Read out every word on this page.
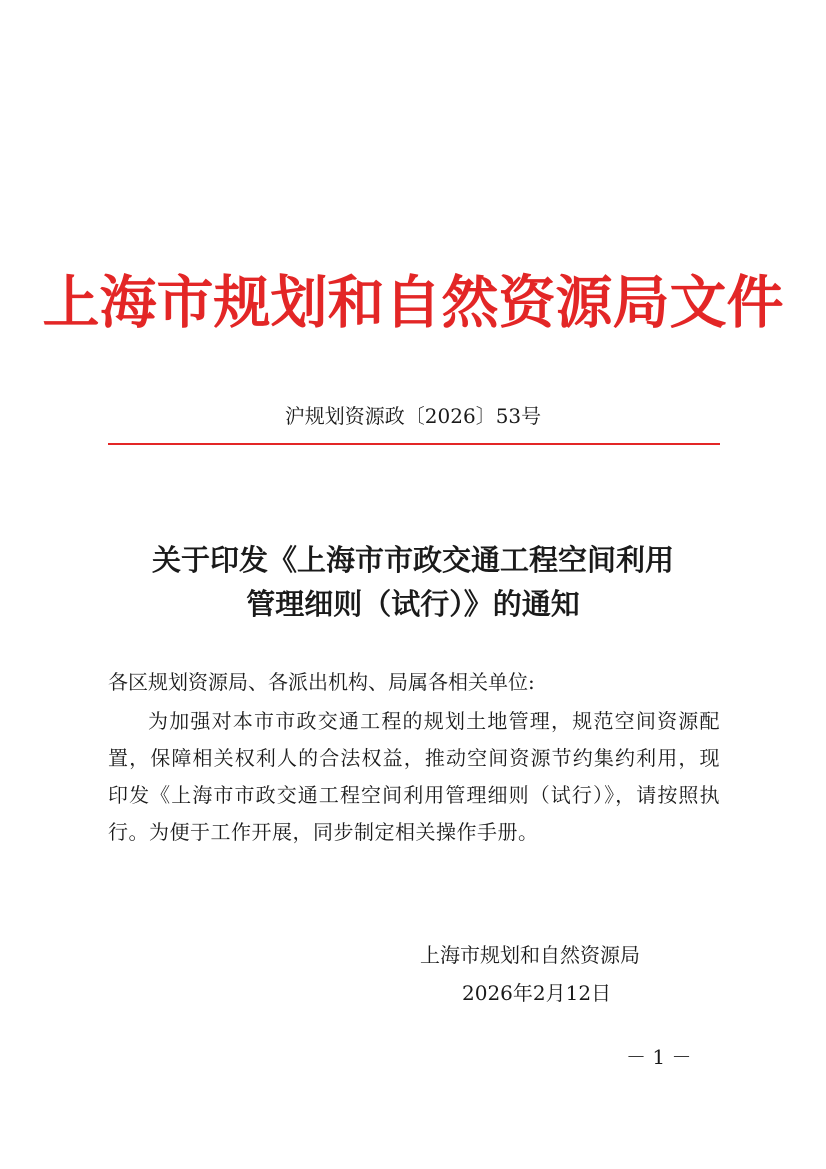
上海市规划和自然资源局文件
沪规划资源政〔2026〕53号
关于印发《上海市市政交通工程空间利用
管理细则（试行）》的通知
各区规划资源局、各派出机构、局属各相关单位:
为加强对本市市政交通工程的规划土地管理，规范空间资源配置，保障相关权利人的合法权益，推动空间资源节约集约利用，现印发《上海市市政交通工程空间利用管理细则（试行）》，请按照执行。为便于工作开展，同步制定相关操作手册。
上海市规划和自然资源局
2026年2月12日
－ 1 －
